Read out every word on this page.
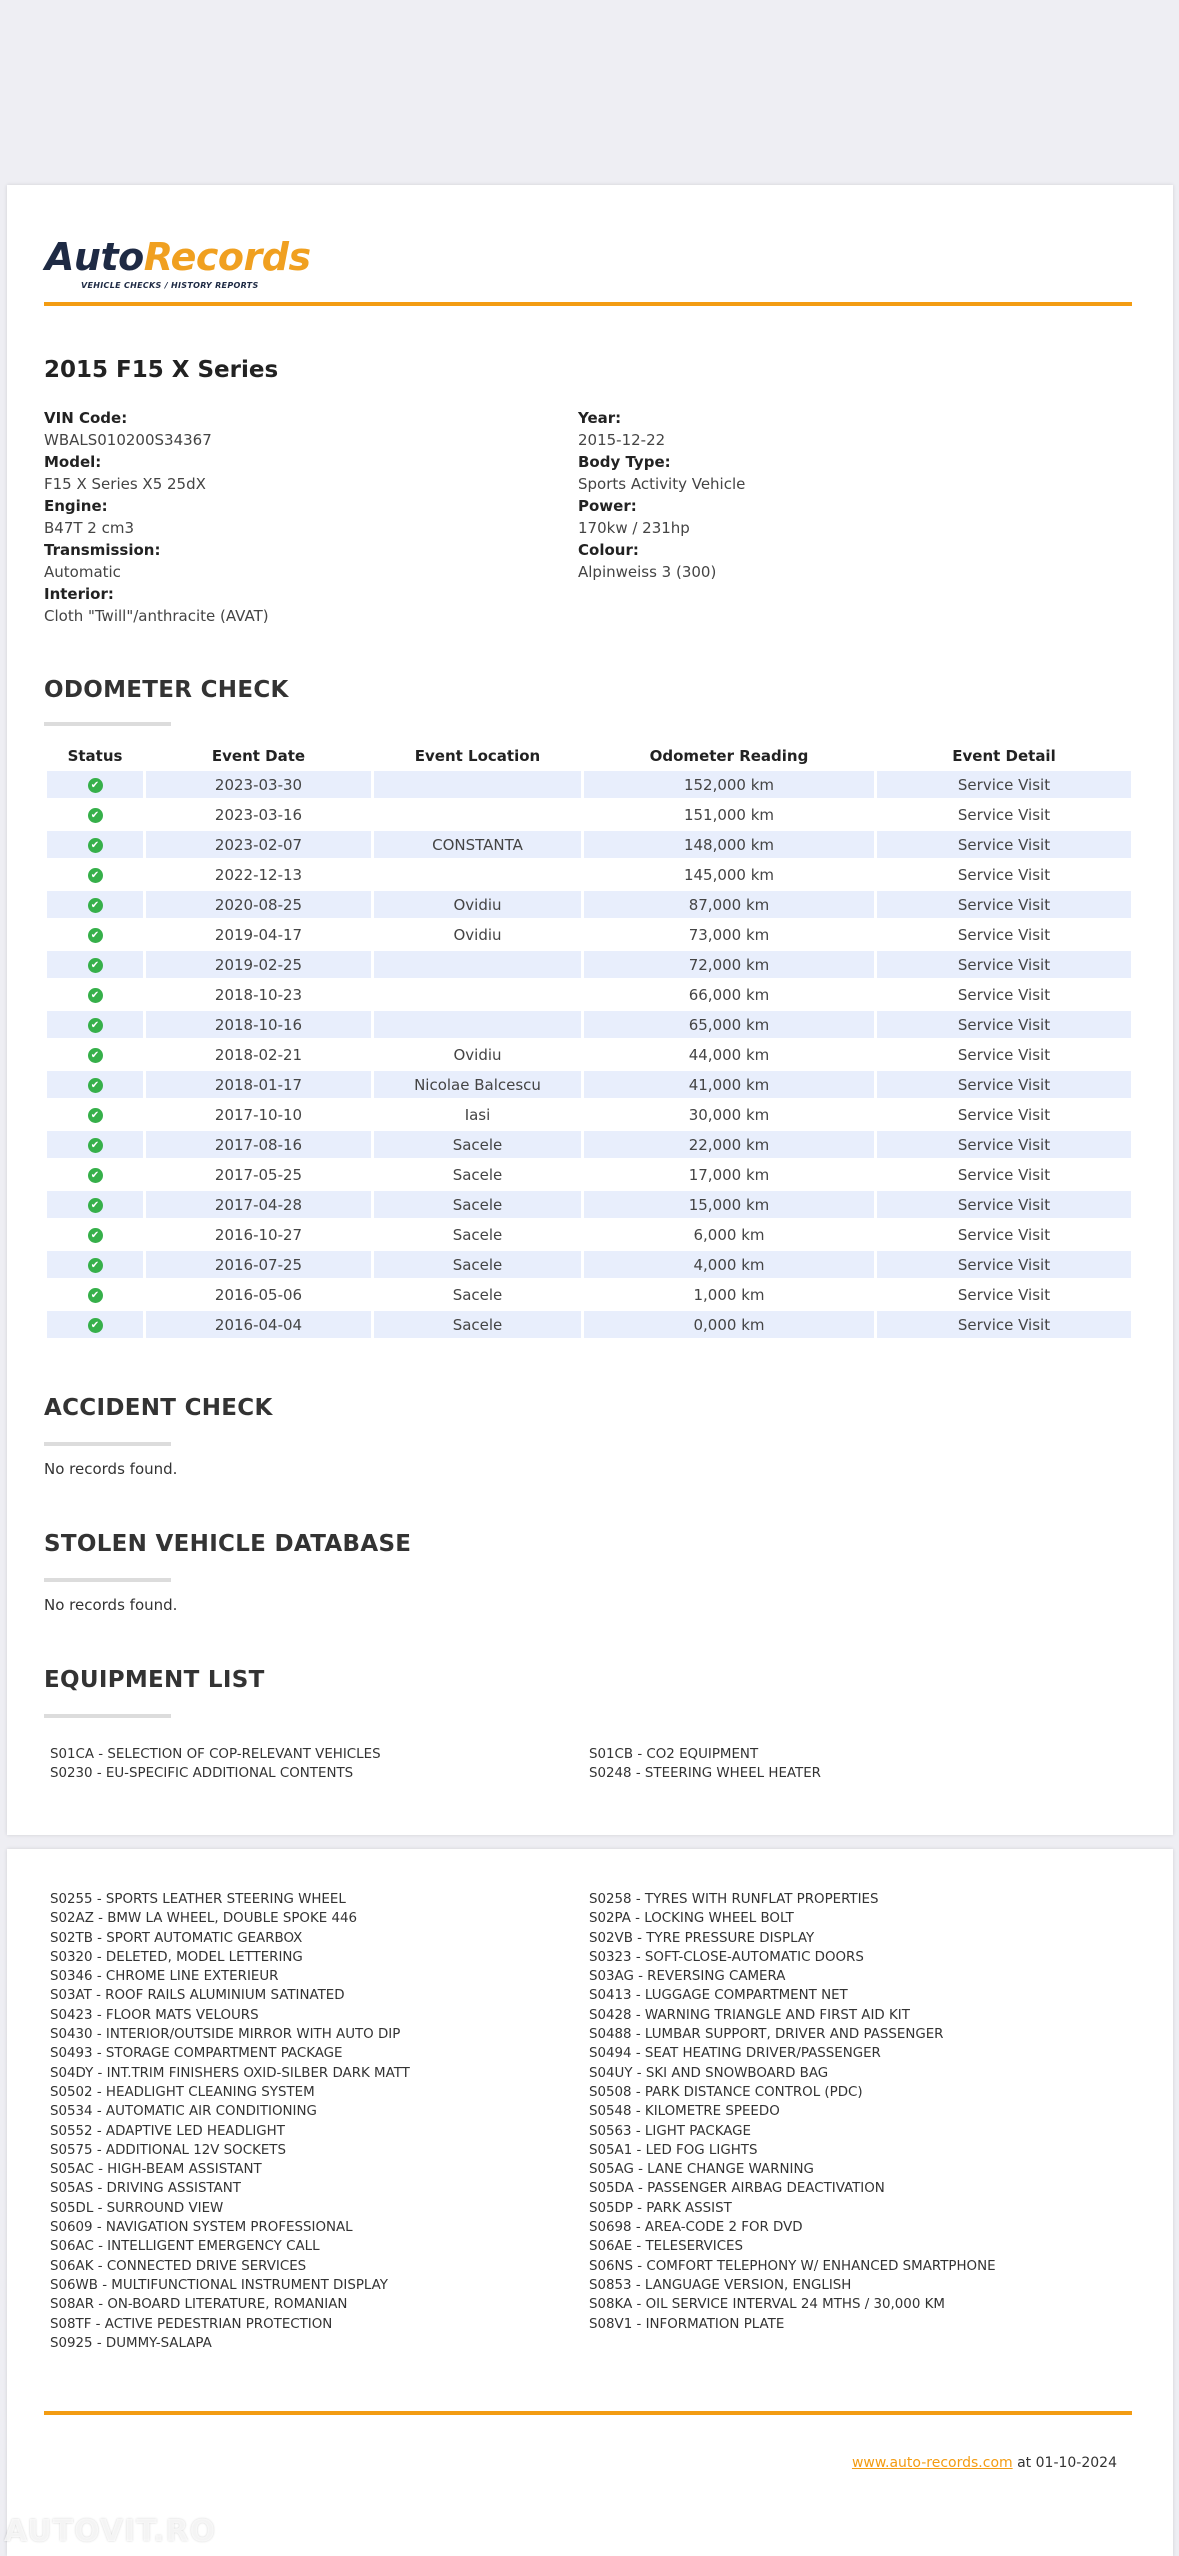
AutoRecords
VEHICLE CHECKS / HISTORY REPORTS
2015 F15 X Series
VIN Code:
WBALS010200S34367
Model:
F15 X Series X5 25dX
Engine:
B47T 2 cm3
Transmission:
Automatic
Interior:
Cloth "Twill"/anthracite (AVAT)
Year:
2015-12-22
Body Type:
Sports Activity Vehicle
Power:
170kw / 231hp
Colour:
Alpinweiss 3 (300)
ODOMETER CHECK
Status	Event Date	Event Location	Odometer Reading	Event Detail
✔	2023-03-30		152,000 km	Service Visit
✔	2023-03-16		151,000 km	Service Visit
✔	2023-02-07	CONSTANTA	148,000 km	Service Visit
✔	2022-12-13		145,000 km	Service Visit
✔	2020-08-25	Ovidiu	87,000 km	Service Visit
✔	2019-04-17	Ovidiu	73,000 km	Service Visit
✔	2019-02-25		72,000 km	Service Visit
✔	2018-10-23		66,000 km	Service Visit
✔	2018-10-16		65,000 km	Service Visit
✔	2018-02-21	Ovidiu	44,000 km	Service Visit
✔	2018-01-17	Nicolae Balcescu	41,000 km	Service Visit
✔	2017-10-10	Iasi	30,000 km	Service Visit
✔	2017-08-16	Sacele	22,000 km	Service Visit
✔	2017-05-25	Sacele	17,000 km	Service Visit
✔	2017-04-28	Sacele	15,000 km	Service Visit
✔	2016-10-27	Sacele	6,000 km	Service Visit
✔	2016-07-25	Sacele	4,000 km	Service Visit
✔	2016-05-06	Sacele	1,000 km	Service Visit
✔	2016-04-04	Sacele	0,000 km	Service Visit
ACCIDENT CHECK
No records found.
STOLEN VEHICLE DATABASE
No records found.
EQUIPMENT LIST
S01CA - SELECTION OF COP-RELEVANT VEHICLES
S0230 - EU-SPECIFIC ADDITIONAL CONTENTS
S01CB - CO2 EQUIPMENT
S0248 - STEERING WHEEL HEATER
S0255 - SPORTS LEATHER STEERING WHEEL
S02AZ - BMW LA WHEEL, DOUBLE SPOKE 446
S02TB - SPORT AUTOMATIC GEARBOX
S0320 - DELETED, MODEL LETTERING
S0346 - CHROME LINE EXTERIEUR
S03AT - ROOF RAILS ALUMINIUM SATINATED
S0423 - FLOOR MATS VELOURS
S0430 - INTERIOR/OUTSIDE MIRROR WITH AUTO DIP
S0493 - STORAGE COMPARTMENT PACKAGE
S04DY - INT.TRIM FINISHERS OXID-SILBER DARK MATT
S0502 - HEADLIGHT CLEANING SYSTEM
S0534 - AUTOMATIC AIR CONDITIONING
S0552 - ADAPTIVE LED HEADLIGHT
S0575 - ADDITIONAL 12V SOCKETS
S05AC - HIGH-BEAM ASSISTANT
S05AS - DRIVING ASSISTANT
S05DL - SURROUND VIEW
S0609 - NAVIGATION SYSTEM PROFESSIONAL
S06AC - INTELLIGENT EMERGENCY CALL
S06AK - CONNECTED DRIVE SERVICES
S06WB - MULTIFUNCTIONAL INSTRUMENT DISPLAY
S08AR - ON-BOARD LITERATURE, ROMANIAN
S08TF - ACTIVE PEDESTRIAN PROTECTION
S0925 - DUMMY-SALAPA
S0258 - TYRES WITH RUNFLAT PROPERTIES
S02PA - LOCKING WHEEL BOLT
S02VB - TYRE PRESSURE DISPLAY
S0323 - SOFT-CLOSE-AUTOMATIC DOORS
S03AG - REVERSING CAMERA
S0413 - LUGGAGE COMPARTMENT NET
S0428 - WARNING TRIANGLE AND FIRST AID KIT
S0488 - LUMBAR SUPPORT, DRIVER AND PASSENGER
S0494 - SEAT HEATING DRIVER/PASSENGER
S04UY - SKI AND SNOWBOARD BAG
S0508 - PARK DISTANCE CONTROL (PDC)
S0548 - KILOMETRE SPEEDO
S0563 - LIGHT PACKAGE
S05A1 - LED FOG LIGHTS
S05AG - LANE CHANGE WARNING
S05DA - PASSENGER AIRBAG DEACTIVATION
S05DP - PARK ASSIST
S0698 - AREA-CODE 2 FOR DVD
S06AE - TELESERVICES
S06NS - COMFORT TELEPHONY W/ ENHANCED SMARTPHONE
S0853 - LANGUAGE VERSION, ENGLISH
S08KA - OIL SERVICE INTERVAL 24 MTHS / 30,000 KM
S08V1 - INFORMATION PLATE
www.auto-records.com at 01-10-2024
AUTOVIT.RO
